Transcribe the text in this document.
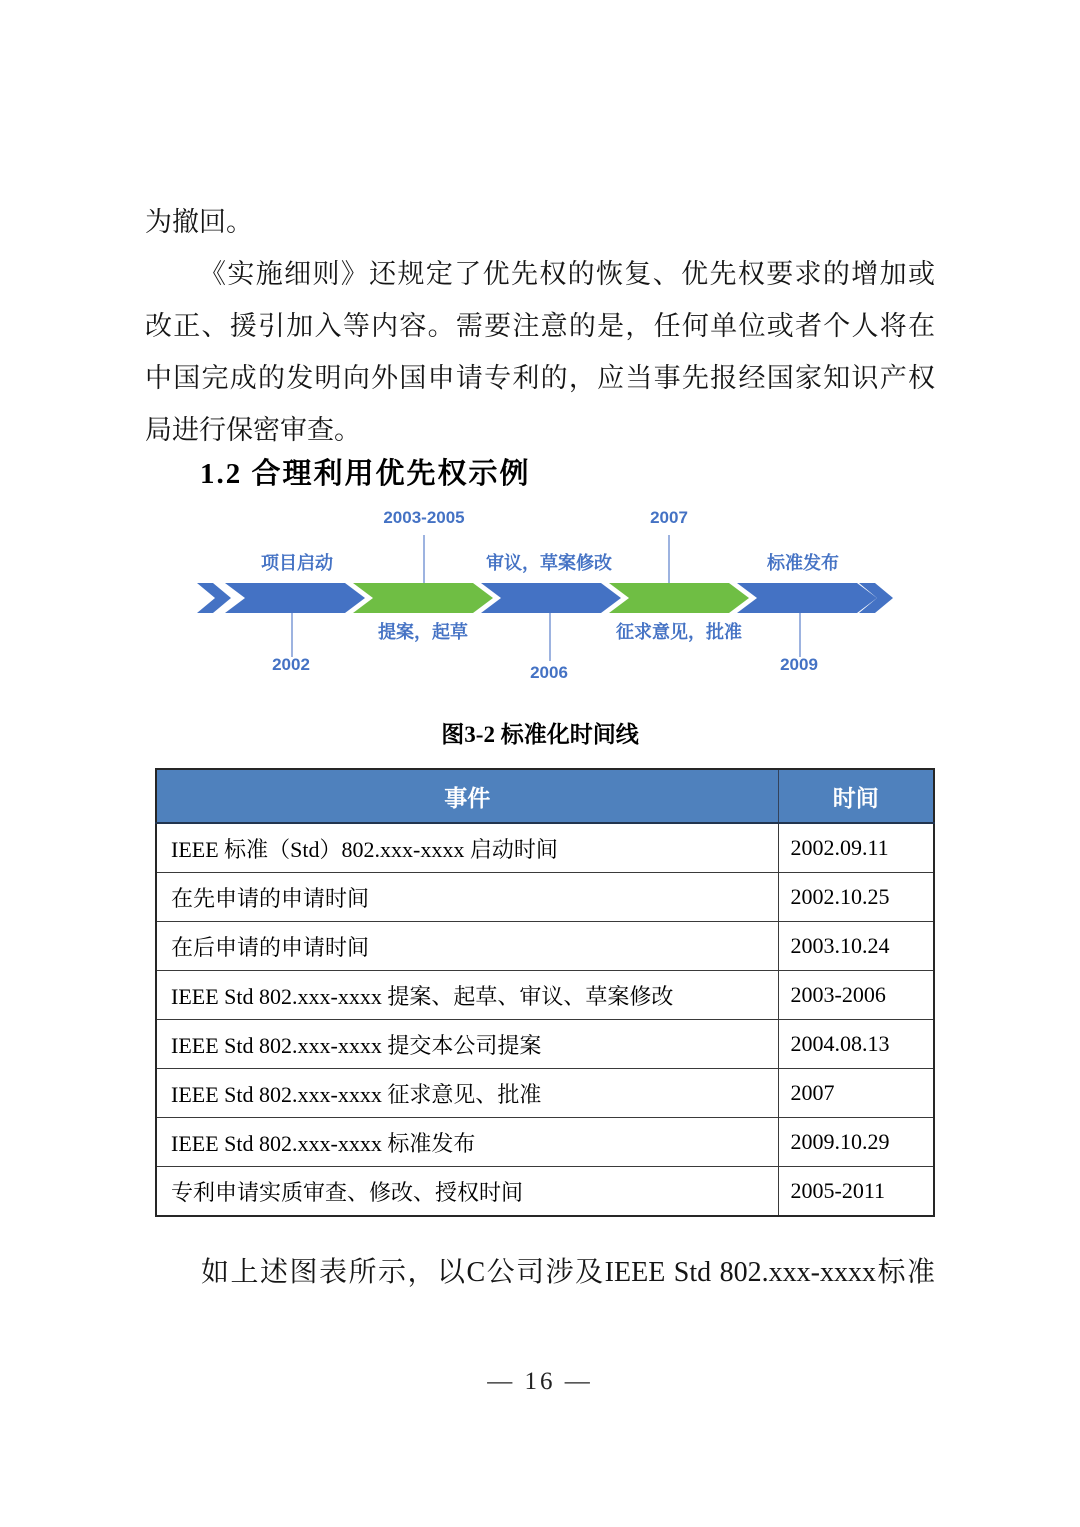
为撤回。
《实施细则》还规定了优先权的恢复、优先权要求的增加或
改正、援引加入等内容。需要注意的是，任何单位或者个人将在
中国完成的发明向外国申请专利的，应当事先报经国家知识产权
局进行保密审查。
1.2 合理利用优先权示例
2003-2005	2007
项目启动	审议，草案修改	标准发布
提案，起草	征求意见，批准
2002	2006	2009
图3-2 标准化时间线
事件	时间
IEEE 标准（Std）802.xxx-xxxx 启动时间	2002.09.11
在先申请的申请时间	2002.10.25
在后申请的申请时间	2003.10.24
IEEE Std 802.xxx-xxxx 提案、起草、审议、草案修改	2003-2006
IEEE Std 802.xxx-xxxx 提交本公司提案	2004.08.13
IEEE Std 802.xxx-xxxx 征求意见、批准	2007
IEEE Std 802.xxx-xxxx 标准发布	2009.10.29
专利申请实质审查、修改、授权时间	2005-2011
如上述图表所示，以C公司涉及IEEE Std 802.xxx-xxxx标准
— 16 —
